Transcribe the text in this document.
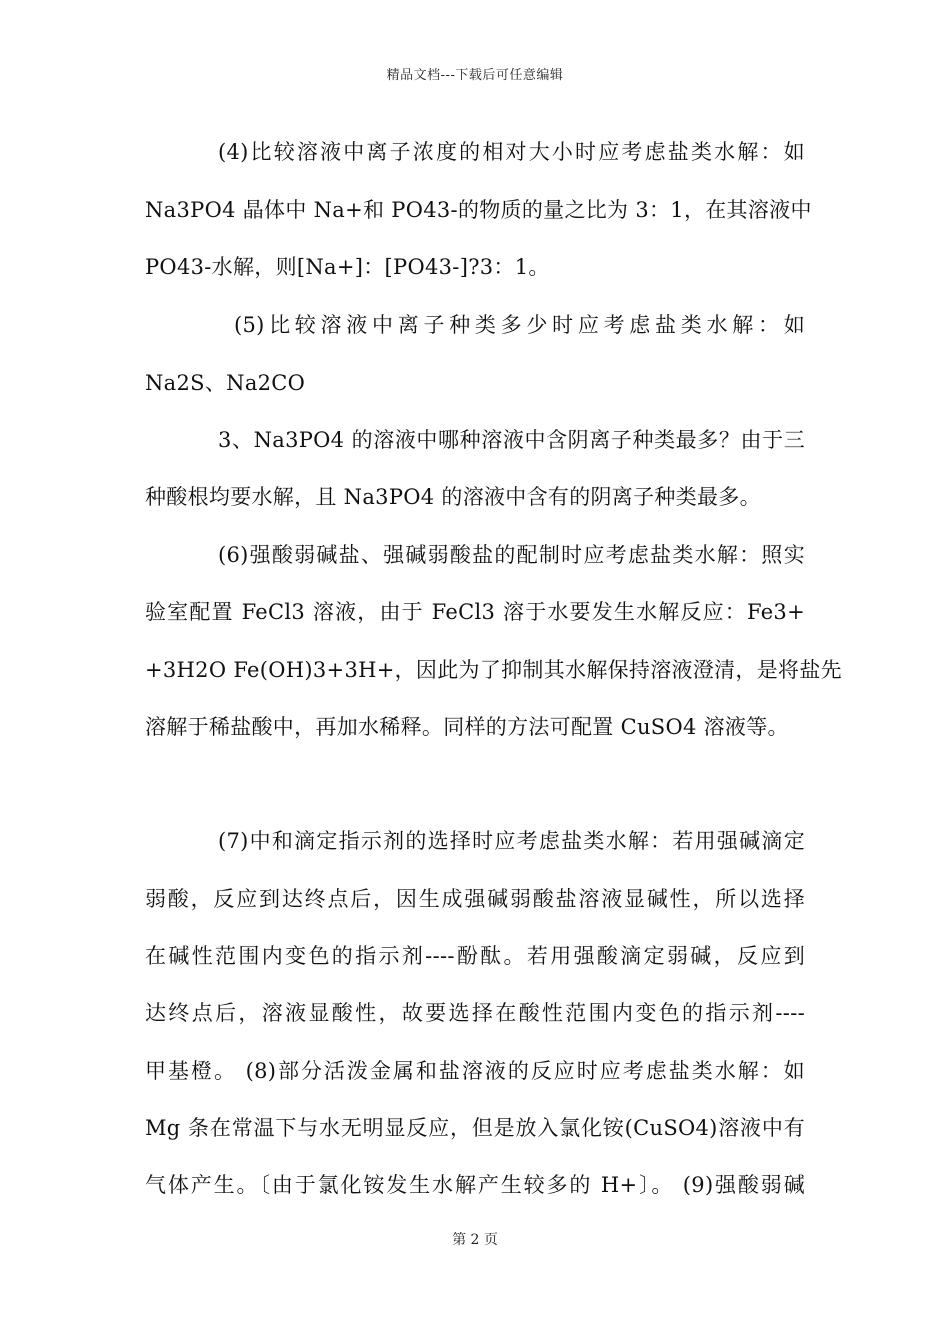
精品文档---下载后可任意编辑
(4)比较溶液中离子浓度的相对大小时应考虑盐类水解：如
Na3PO4 晶体中 Na+和 PO43-的物质的量之比为 3：1，在其溶液中
PO43-水解，则[Na+]：[PO43-]?3：1。
(5)比较溶液中离子种类多少时应考虑盐类水解：如
Na2S、Na2CO
3、Na3PO4 的溶液中哪种溶液中含阴离子种类最多？由于三
种酸根均要水解，且 Na3PO4 的溶液中含有的阴离子种类最多。
(6)强酸弱碱盐、强碱弱酸盐的配制时应考虑盐类水解：照实
验室配置 FeCl3 溶液，由于 FeCl3 溶于水要发生水解反应：Fe3+
+3H2O Fe(OH)3+3H+，因此为了抑制其水解保持溶液澄清，是将盐先
溶解于稀盐酸中，再加水稀释。同样的方法可配置 CuSO4 溶液等。
(7)中和滴定指示剂的选择时应考虑盐类水解：若用强碱滴定
弱酸，反应到达终点后，因生成强碱弱酸盐溶液显碱性，所以选择
在碱性范围内变色的指示剂----酚酞。若用强酸滴定弱碱，反应到
达终点后，溶液显酸性，故要选择在酸性范围内变色的指示剂----
甲基橙。 (8)部分活泼金属和盐溶液的反应时应考虑盐类水解：如
Mg 条在常温下与水无明显反应，但是放入氯化铵(CuSO4)溶液中有
气体产生。〔由于氯化铵发生水解产生较多的 H+〕。 (9)强酸弱碱
第 2 页
